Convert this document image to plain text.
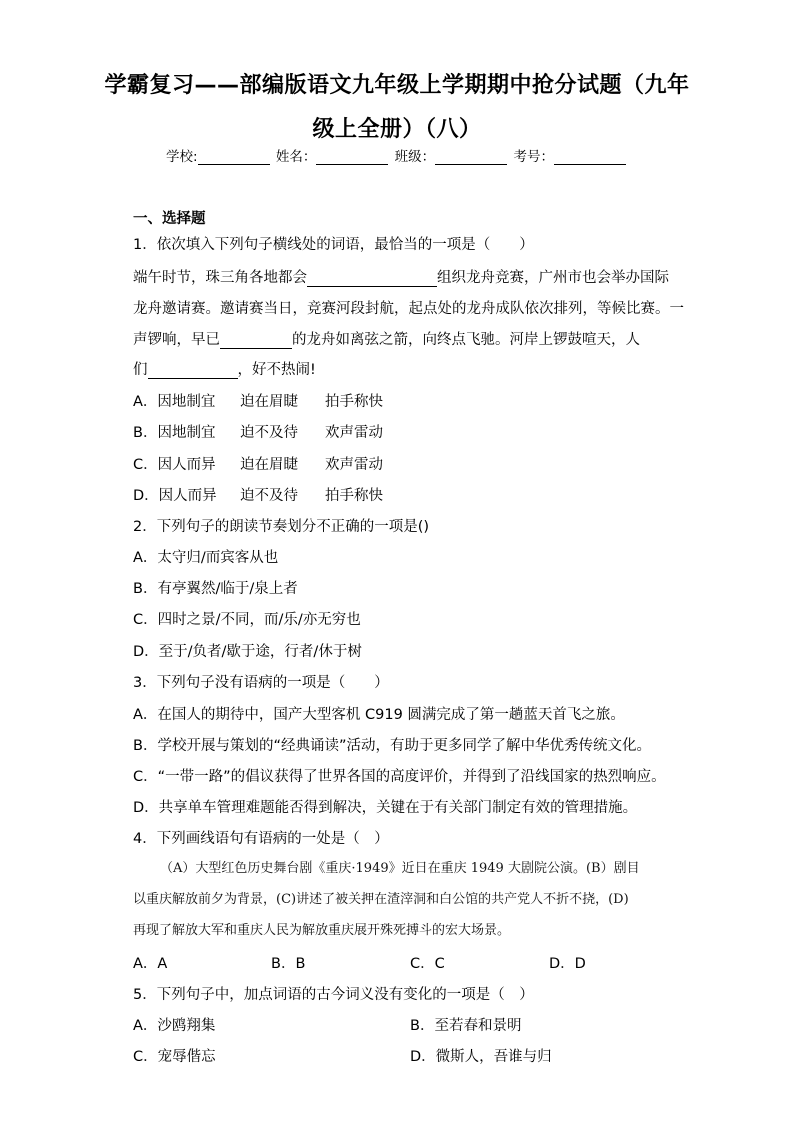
学霸复习——部编版语文九年级上学期期中抢分试题（九年
级上全册）（八）
学校:	姓名：	班级：	考号：
一、选择题
1．依次填入下列句子横线处的词语，最恰当的一项是（　　）
端午时节，珠三角各地都会	组织龙舟竞赛，广州市也会举办国际
龙舟邀请赛。邀请赛当日，竞赛河段封航，起点处的龙舟成队依次排列，等候比赛。一
声锣响，早已	的龙舟如离弦之箭，向终点飞驰。河岸上锣鼓喧天，人
们	，好不热闹!
A．因地制宜 迫在眉睫 拍手称快
B．因地制宜 迫不及待 欢声雷动
C．因人而异 迫在眉睫 欢声雷动
D．因人而异 迫不及待 拍手称快
2．下列句子的朗读节奏划分不正确的一项是()
A．太守归/而宾客从也
B．有亭翼然/临于/泉上者
C．四时之景/不同，而/乐/亦无穷也
D．至于/负者/歇于途，行者/休于树
3．下列句子没有语病的一项是（　　）
A．在国人的期待中，国产大型客机 C919 圆满完成了第一趟蓝天首飞之旅。
B．学校开展与策划的“经典诵读”活动，有助于更多同学了解中华优秀传统文化。
C．“一带一路”的倡议获得了世界各国的高度评价，并得到了沿线国家的热烈响应。
D．共享单车管理难题能否得到解决，关键在于有关部门制定有效的管理措施。
4．下列画线语句有语病的一处是（　）
（A）大型红色历史舞台剧《重庆·1949》近日在重庆 1949 大剧院公演。(B）剧目
以重庆解放前夕为背景，(C)讲述了被关押在渣滓洞和白公馆的共产党人不折不挠，(D)
再现了解放大军和重庆人民为解放重庆展开殊死搏斗的宏大场景。
A．A	B．B	C．C	D．D
5．下列句子中，加点词语的古今词义没有变化的一项是（　）
A．沙鸥翔集	B．至若春和景明
C．宠辱偕忘	D．微斯人，吾谁与归
